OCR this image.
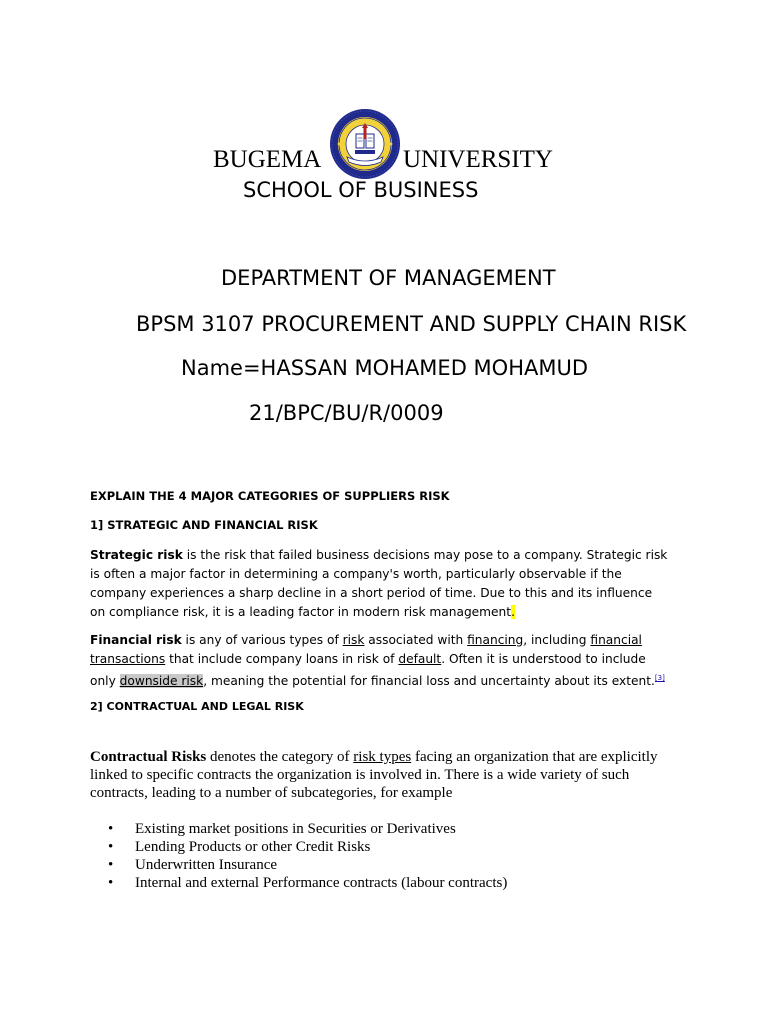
BUGEMA	UNIVERSITY
SCHOOL OF BUSINESS
DEPARTMENT OF MANAGEMENT
BPSM 3107 PROCUREMENT AND SUPPLY CHAIN RISK
Name=HASSAN MOHAMED MOHAMUD
21/BPC/BU/R/0009
EXPLAIN THE 4 MAJOR CATEGORIES OF SUPPLIERS RISK
1] STRATEGIC AND FINANCIAL RISK
Strategic risk is the risk that failed business decisions may pose to a company. Strategic risk is often a major factor in determining a company's worth, particularly observable if the company experiences a sharp decline in a short period of time. Due to this and its influence on compliance risk, it is a leading factor in modern risk management.
Financial risk is any of various types of risk associated with financing, including financial transactions that include company loans in risk of default. Often it is understood to include only downside risk, meaning the potential for financial loss and uncertainty about its extent.[3]
2] CONTRACTUAL AND LEGAL RISK
Contractual Risks denotes the category of risk types facing an organization that are explicitly linked to specific contracts the organization is involved in. There is a wide variety of such contracts, leading to a number of subcategories, for example
• Existing market positions in Securities or Derivatives
• Lending Products or other Credit Risks
• Underwritten Insurance
• Internal and external Performance contracts (labour contracts)
